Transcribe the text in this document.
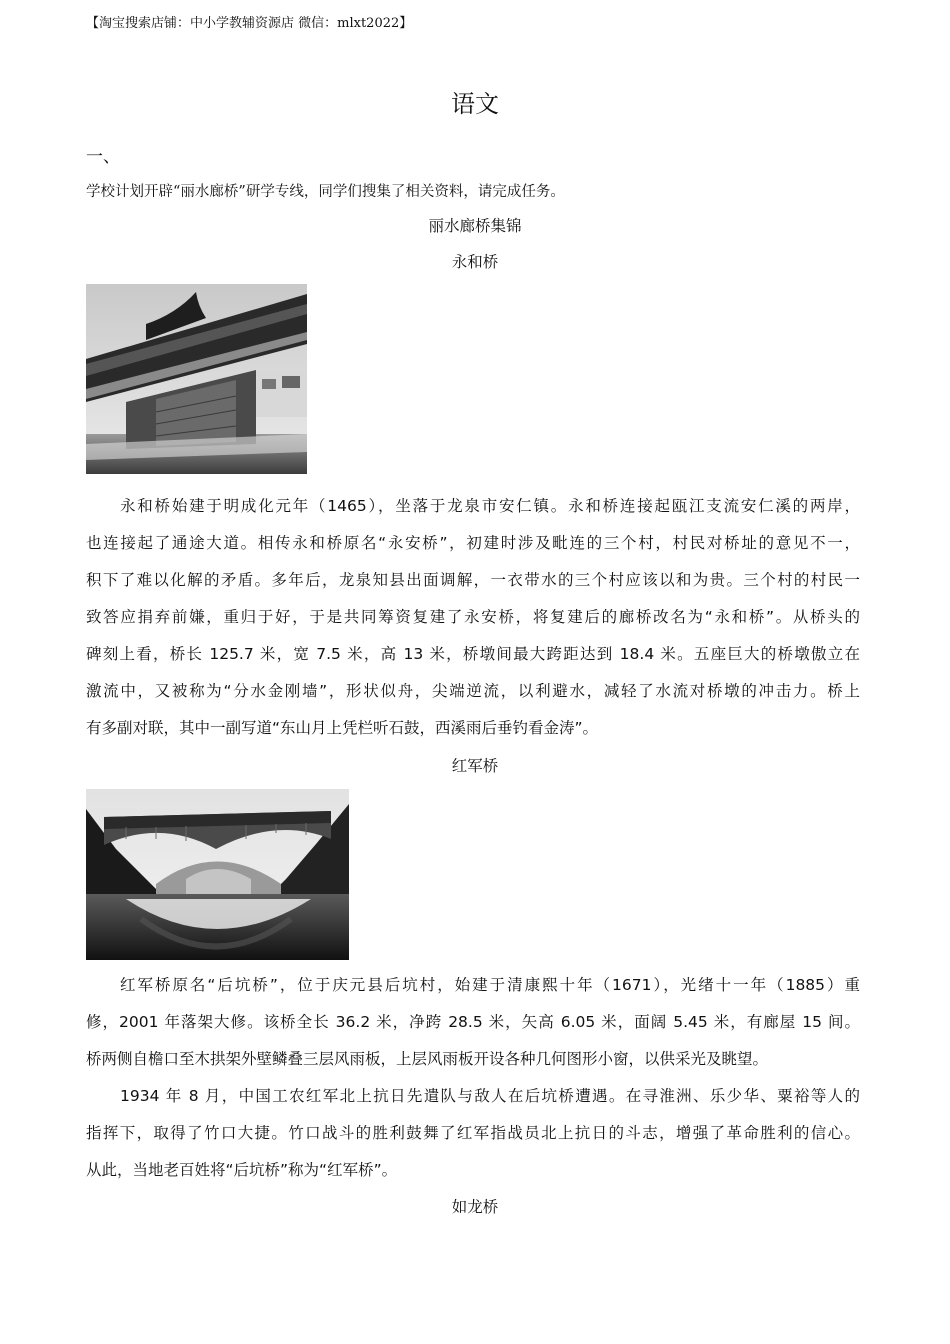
【淘宝搜索店铺：中小学教辅资源店 微信：mlxt2022】
语文
一、
学校计划开辟“丽水廊桥”研学专线，同学们搜集了相关资料，请完成任务。
丽水廊桥集锦
永和桥
永和桥始建于明成化元年（1465），坐落于龙泉市安仁镇。永和桥连接起瓯江支流安仁溪的两岸，
也连接起了通途大道。相传永和桥原名“永安桥”，初建时涉及毗连的三个村，村民对桥址的意见不一，
积下了难以化解的矛盾。多年后，龙泉知县出面调解，一衣带水的三个村应该以和为贵。三个村的村民一
致答应捐弃前嫌，重归于好，于是共同筹资复建了永安桥，将复建后的廊桥改名为“永和桥”。从桥头的
碑刻上看，桥长 125.7 米，宽 7.5 米，高 13 米，桥墩间最大跨距达到 18.4 米。五座巨大的桥墩傲立在
激流中，又被称为“分水金刚墙”，形状似舟，尖端逆流，以利避水，减轻了水流对桥墩的冲击力。桥上
有多副对联，其中一副写道“东山月上凭栏听石鼓，西溪雨后垂钓看金涛”。
红军桥
红军桥原名“后坑桥”，位于庆元县后坑村，始建于清康熙十年（1671），光绪十一年（1885）重
修，2001 年落架大修。该桥全长 36.2 米，净跨 28.5 米，矢高 6.05 米，面阔 5.45 米，有廊屋 15 间。
桥两侧自檐口至木拱架外壁鳞叠三层风雨板，上层风雨板开设各种几何图形小窗，以供采光及眺望。
1934 年 8 月，中国工农红军北上抗日先遣队与敌人在后坑桥遭遇。在寻淮洲、乐少华、粟裕等人的
指挥下，取得了竹口大捷。竹口战斗的胜利鼓舞了红军指战员北上抗日的斗志，增强了革命胜利的信心。
从此，当地老百姓将“后坑桥”称为“红军桥”。
如龙桥
